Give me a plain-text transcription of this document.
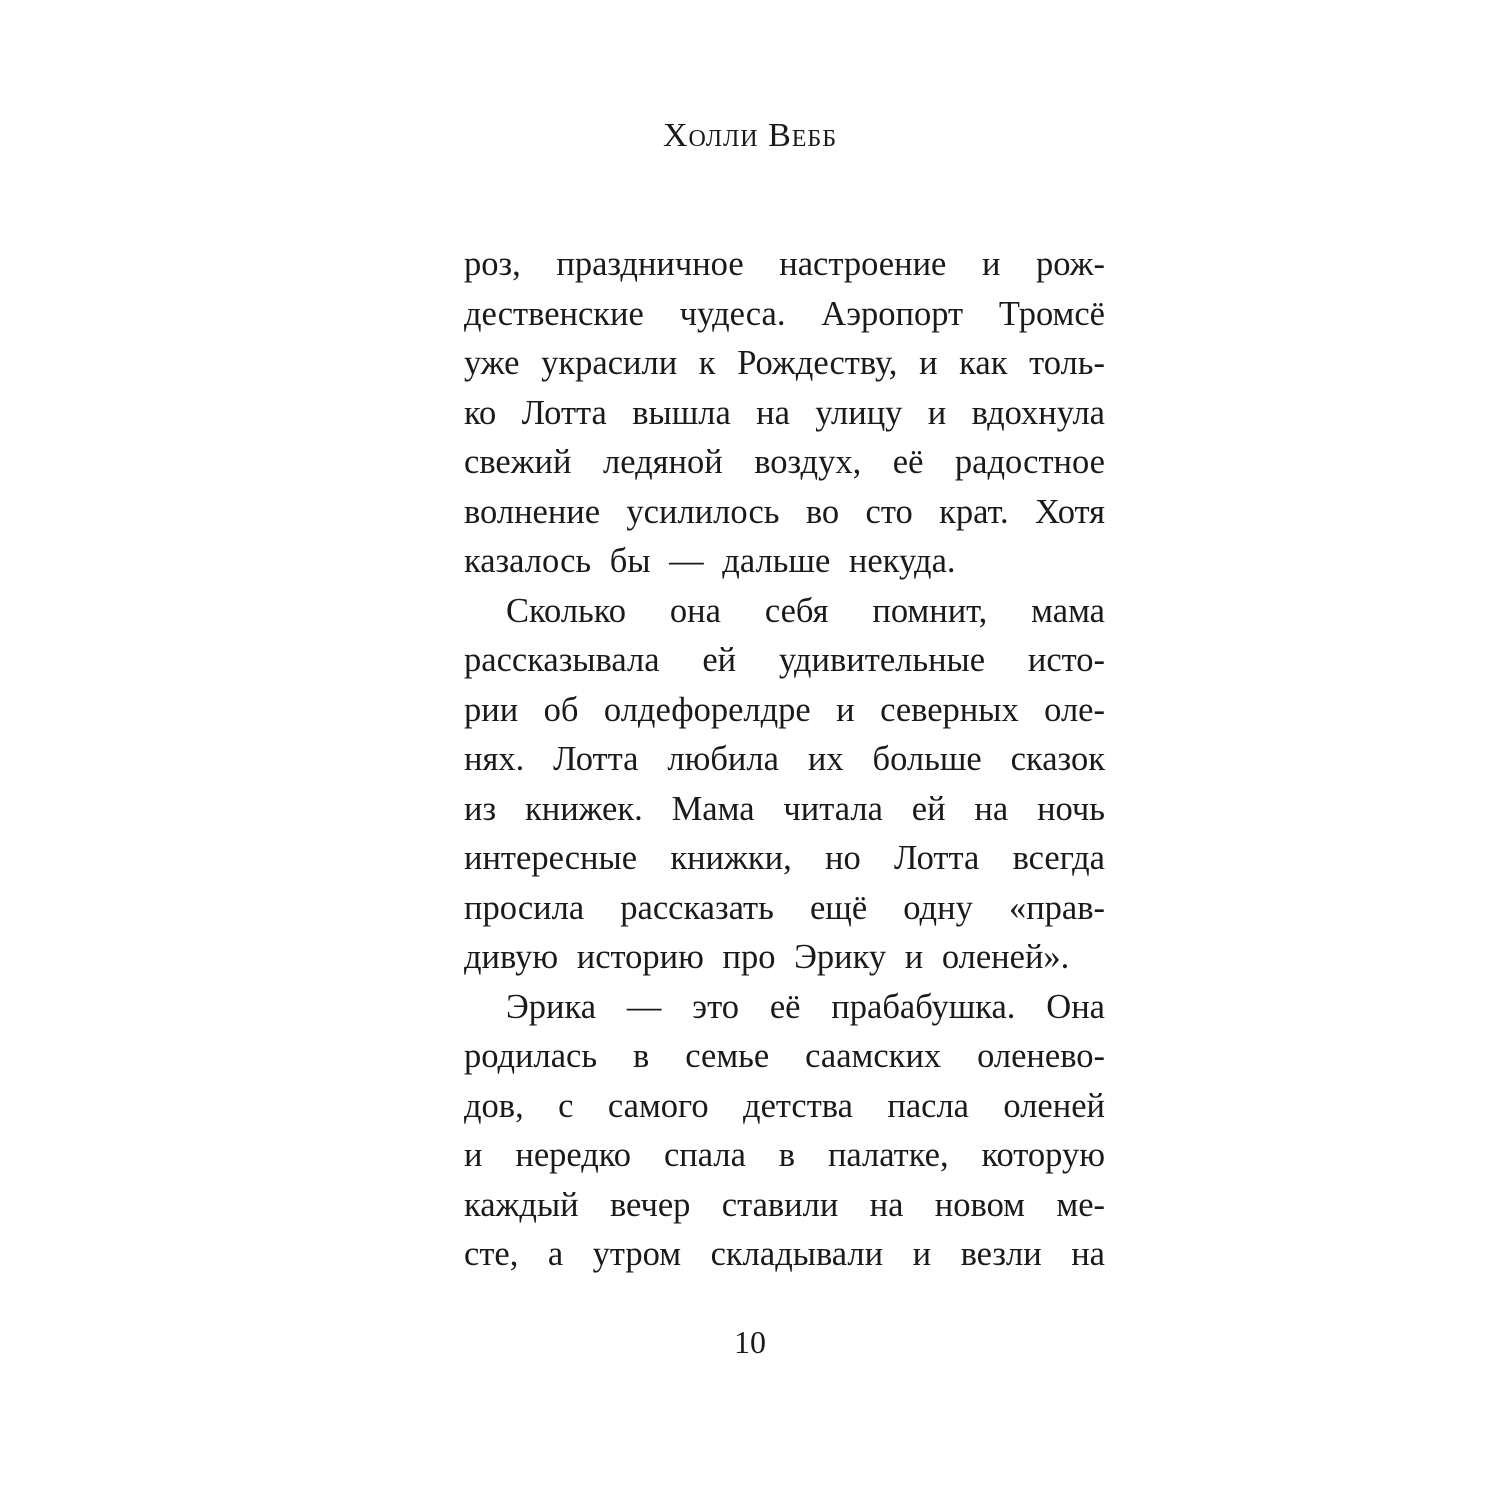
Холли Вебб
роз, праздничное настроение и рож-
дественские чудеса. Аэропорт Тромсё
уже украсили к Рождеству, и как толь-
ко Лотта вышла на улицу и вдохнула
свежий ледяной воздух, её радостное
волнение усилилось во сто крат. Хотя
казалось бы — дальше некуда.
Сколько она себя помнит, мама
рассказывала ей удивительные исто-
рии об олдефорелдре и северных оле-
нях. Лотта любила их больше сказок
из книжек. Мама читала ей на ночь
интересные книжки, но Лотта всегда
просила рассказать ещё одну «прав-
дивую историю про Эрику и оленей».
Эрика — это её прабабушка. Она
родилась в семье саамских оленево-
дов, с самого детства пасла оленей
и нередко спала в палатке, которую
каждый вечер ставили на новом ме-
сте, а утром складывали и везли на
10
